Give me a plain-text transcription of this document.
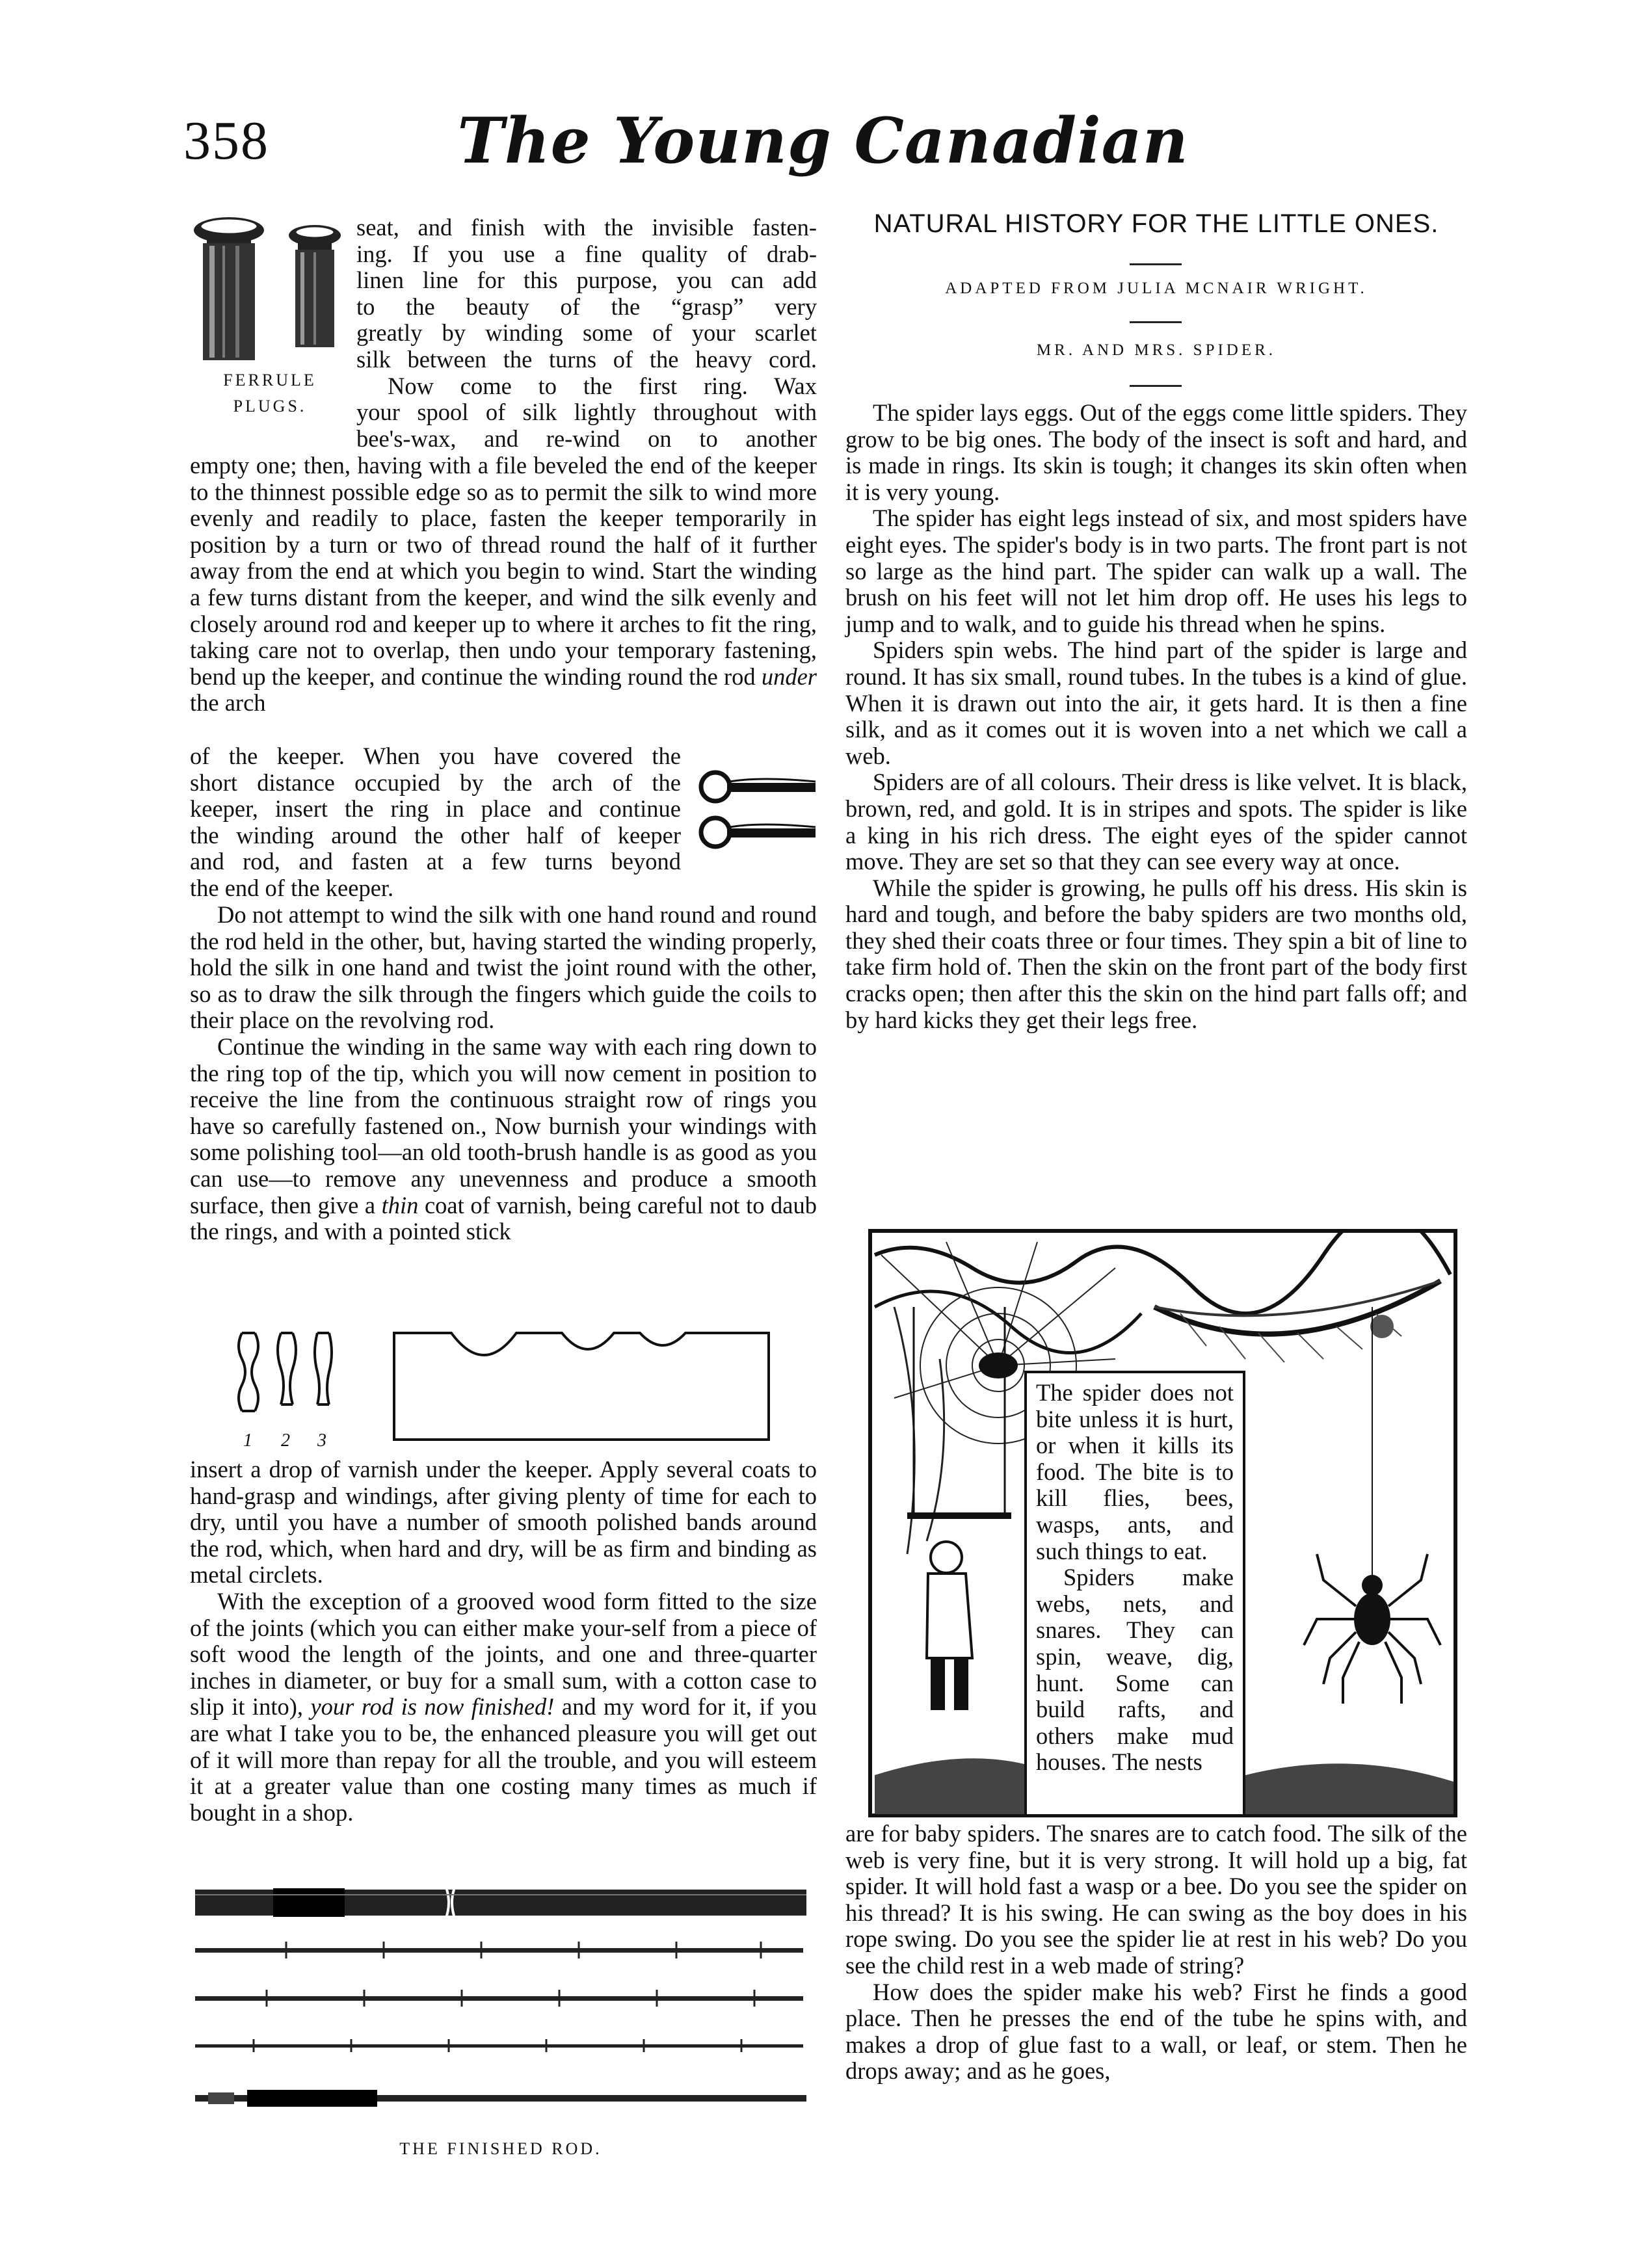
358	The Young Canadian
FERRULE
PLUGS.

seat, and finish with the invisible fasten-

ing. If you use a fine quality of drab-

linen line for this purpose, you can add

to the beauty of the “grasp” very

greatly by winding some of your scarlet

silk between the turns of the heavy cord.

Now come to the first ring. Wax

your spool of silk lightly throughout with

bee's-wax, and re-wind on to another

empty one; then, having with a file beveled the end of the keeper to the thinnest possible edge so as to permit the silk to wind more evenly and readily to place, fasten the keeper temporarily in position by a turn or two of thread round the half of it further away from the end at which you begin to wind. Start the winding a few turns distant from the keeper, and wind the silk evenly and closely around rod and keeper up to where it arches to fit the ring, taking care not to overlap, then undo your temporary fastening, bend up the keeper, and continue the winding round the rod under the arch

of the keeper. When you have covered the

short distance occupied by the arch of the

keeper, insert the ring in place and continue

the winding around the other half of keeper

and rod, and fasten at a few turns beyond

the end of the keeper.

Do not attempt to wind the silk with one hand round and round the rod held in the other, but, having started the winding properly, hold the silk in one hand and twist the joint round with the other, so as to draw the silk through the fingers which guide the coils to their place on the revolving rod.

Continue the winding in the same way with each ring down to the ring top of the tip, which you will now cement in position to receive the line from the continuous straight row of rings you have so carefully fastened on., Now burnish your windings with some polishing tool—an old tooth-brush handle is as good as you can use—to remove any unevenness and produce a smooth surface, then give a thin coat of varnish, being careful not to daub the rings, and with a pointed stick

1 2 3

insert a drop of varnish under the keeper. Apply several coats to hand-grasp and windings, after giving plenty of time for each to dry, until you have a number of smooth polished bands around the rod, which, when hard and dry, will be as firm and binding as metal circlets.

With the exception of a grooved wood form fitted to the size of the joints (which you can either make your-self from a piece of soft wood the length of the joints, and one and three-quarter inches in diameter, or buy for a small sum, with a cotton case to slip it into), your rod is now finished! and my word for it, if you are what I take you to be, the enhanced pleasure you will get out of it will more than repay for all the trouble, and you will esteem it at a greater value than one costing many times as much if bought in a shop.

THE FINISHED ROD.
NATURAL HISTORY FOR THE LITTLE ONES.
ADAPTED FROM JULIA MCNAIR WRIGHT.
MR. AND MRS. SPIDER.

The spider lays eggs. Out of the eggs come little spiders. They grow to be big ones. The body of the insect is soft and hard, and is made in rings. Its skin is tough; it changes its skin often when it is very young.

The spider has eight legs instead of six, and most spiders have eight eyes. The spider's body is in two parts. The front part is not so large as the hind part. The spider can walk up a wall. The brush on his feet will not let him drop off. He uses his legs to jump and to walk, and to guide his thread when he spins.

Spiders spin webs. The hind part of the spider is large and round. It has six small, round tubes. In the tubes is a kind of glue. When it is drawn out into the air, it gets hard. It is then a fine silk, and as it comes out it is woven into a net which we call a web.

Spiders are of all colours. Their dress is like velvet. It is black, brown, red, and gold. It is in stripes and spots. The spider is like a king in his rich dress. The eight eyes of the spider cannot move. They are set so that they can see every way at once.

While the spider is growing, he pulls off his dress. His skin is hard and tough, and before the baby spiders are two months old, they shed their coats three or four times. They spin a bit of line to take firm hold of. Then the skin on the front part of the body first cracks open; then after this the skin on the hind part falls off; and by hard kicks they get their legs free.

The spider does not bite unless it is hurt, or when it kills its food. The bite is to kill flies, bees, wasps, ants, and such things to eat.

Spiders make webs, nets, and snares. They can spin, weave, dig, hunt. Some can build rafts, and others make mud houses. The nests

are for baby spiders. The snares are to catch food. The silk of the web is very fine, but it is very strong. It will hold up a big, fat spider. It will hold fast a wasp or a bee. Do you see the spider on his thread? It is his swing. He can swing as the boy does in his rope swing. Do you see the spider lie at rest in his web? Do you see the child rest in a web made of string?

How does the spider make his web? First he finds a good place. Then he presses the end of the tube he spins with, and makes a drop of glue fast to a wall, or leaf, or stem. Then he drops away; and as he goes,
